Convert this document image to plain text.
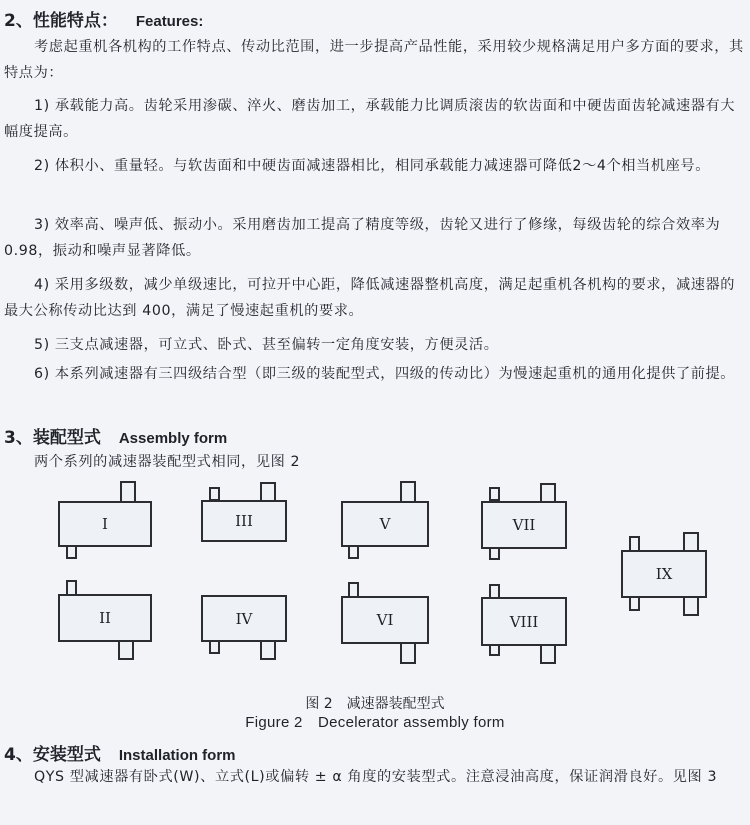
2、性能特点： Features:
考虑起重机各机构的工作特点、传动比范围，进一步提高产品性能，采用较少规格满足用户多方面的要求，其特点为：
1) 承载能力高。齿轮采用渗碳、淬火、磨齿加工，承载能力比调质滚齿的软齿面和中硬齿面齿轮减速器有大幅度提高。
2) 体积小、重量轻。与软齿面和中硬齿面减速器相比，相同承载能力减速器可降低2～4个相当机座号。
3) 效率高、噪声低、振动小。采用磨齿加工提高了精度等级，齿轮又进行了修缘，每级齿轮的综合效率为 0.98，振动和噪声显著降低。
4) 采用多级数，减少单级速比，可拉开中心距，降低减速器整机高度，满足起重机各机构的要求，减速器的最大公称传动比达到 400，满足了慢速起重机的要求。
5) 三支点减速器，可立式、卧式、甚至偏转一定角度安装，方便灵活。
6) 本系列减速器有三四级结合型（即三级的装配型式，四级的传动比）为慢速起重机的通用化提供了前提。
3、装配型式 Assembly form
两个系列的减速器装配型式相同，见图 2
I	III	V	VII
IX
II	IV	VI	VIII
图 2　减速器装配型式
Figure 2　Decelerator assembly form
4、安装型式 Installation form
QYS 型减速器有卧式(W)、立式(L)或偏转 ± α 角度的安装型式。注意浸油高度，保证润滑良好。见图 3
